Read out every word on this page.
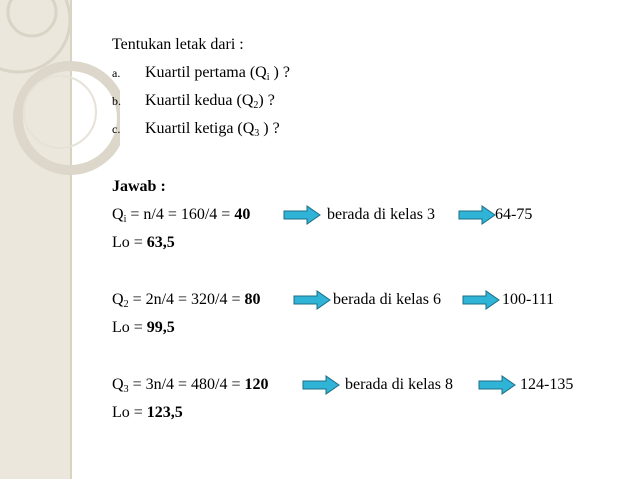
Tentukan letak dari :
a. Kuartil pertama ($Q_i$ ) ?
b. Kuartil kedua $(Q_2)$ ?
c. Kuartil ketiga ($Q_3$ ) ?
Jawab :
$Q_i = n/4 = 160/4 = 40$	berada di kelas 3	64-75
Lo = 63,5
$Q_2 = 2n/4 = 320/4 = 80$	berada di kelas 6	100-111
Lo = 99,5
$Q_3 = 3n/4 = 480/4 = 120$	berada di kelas 8	124-135
Lo = 123,5
